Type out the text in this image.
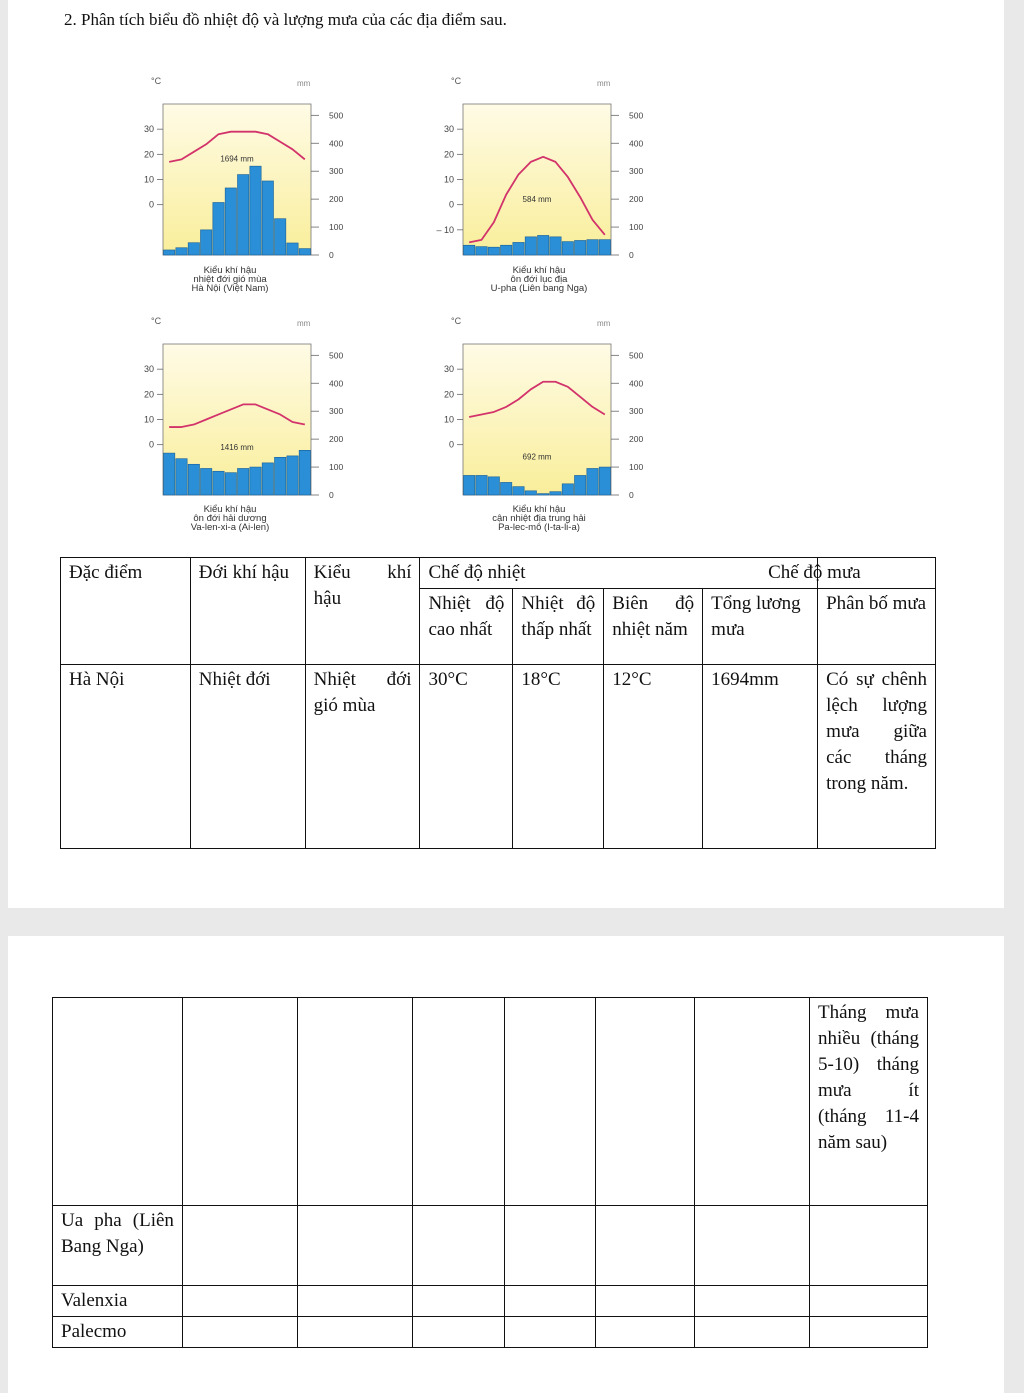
2. Phân tích biểu đồ nhiệt độ và lượng mưa của các địa điểm sau.
°C	mm
30
20
10
0
500
400
300
200
100
0
1694 mm
Kiểu khí hậu
nhiệt đới gió mùa
Hà Nội (Việt Nam)
°C	mm
30
20
10
0
– 10
500
400
300
200
100
0
584 mm
Kiểu khí hậu
ôn đới lục địa
U-pha (Liên bang Nga)
°C	mm
30
20
10
0
500
400
300
200
100
0
1416 mm
Kiểu khí hậu
ôn đới hải dương
Va-len-xi-a (Ai-len)
°C	mm
30
20
10
0
500
400
300
200
100
0
692 mm
Kiểu khí hậu
cận nhiệt địa trung hải
Pa-lec-mô (I-ta-li-a)
Đặc điểm	Đới khí hậu	Kiểu khí hậu	Chế độ nhiệt				Chế độ mưa
			Nhiệt độ cao nhất	Nhiệt độ thấp nhất	Biên độ nhiệt năm	Tổng lương mưa	Phân bố mưa
Hà Nội	Nhiệt đới	Nhiệt đới gió mùa	30°C	18°C	12°C	1694mm	Có sự chênh lệch lượng mưa giữa các tháng trong năm.
							Tháng mưa nhiều (tháng 5-10) tháng mưa ít (tháng 11-4 năm sau)
Ua pha (Liên Bang Nga)							
Valenxia							
Palecmo							
